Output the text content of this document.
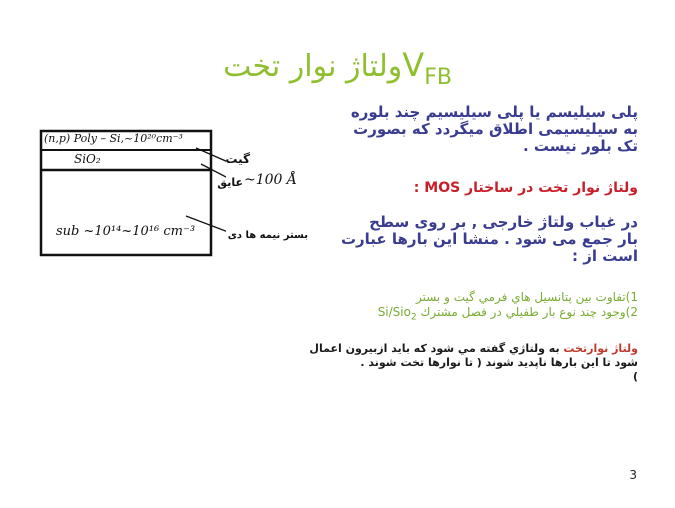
ولتاژ نوار تختV$_{FB}$
(n,p) Poly – Si,~10²⁰cm⁻³
SiO₂
sub ~10¹⁴~10¹⁶ cm⁻³
~100 Å
گیت
عایق
بستر نیمه ها دی
پلی سیلیسم یا پلی سیلیسیم چند بلوره
به سیلیسیمی اطلاق میگردد که بصورت
تک بلور نیست .
ولتاژ نوار تخت در ساختار MOS :
در غیاب ولتاژ خارجی , بر روی سطح
بار جمع می شود . منشا این بارها عبارت
است از :
1)تفاوت بين پتانسيل هاي فرمي گيت و بستر
2)وجود چند نوع بار طفيلي در فصل مشترك Si/Sio$_2$
ولتاژ نوارتخت به ولتاژي گفته مي شود كه بايد ازبيرون اعمال
شود تا اين بارها ناپديد شوند ( تا نوارها تخت شوند .
)
3
